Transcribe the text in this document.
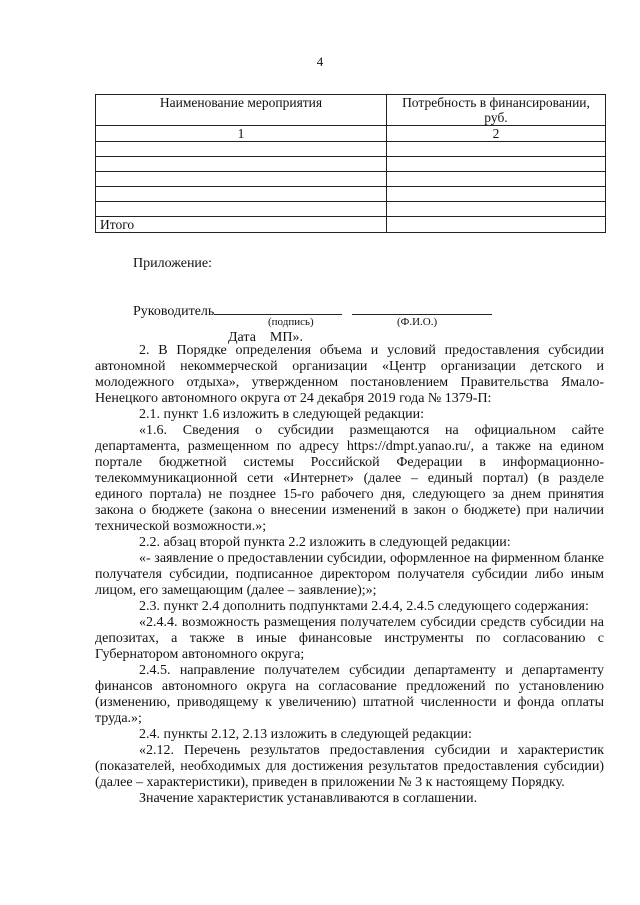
4
Наименование мероприятия	Потребность в финансировании, руб.
1	2

Итого	
Приложение:
Руководитель
(подпись)	(Ф.И.О.)
Дата МП».

2. В Порядке определения объема и условий предоставления субсидии автономной некоммерческой организации «Центр организации детского и молодежного отдыха», утвержденном постановлением Правительства Ямало-Ненецкого автономного округа от 24 декабря 2019 года № 1379-П:

2.1. пункт 1.6 изложить в следующей редакции:

«1.6. Сведения о субсидии размещаются на официальном сайте департамента, размещенном по адресу https://dmpt.yanao.ru/, а также на едином портале бюджетной системы Российской Федерации в информационно-телекоммуникационной сети «Интернет» (далее – единый портал) (в разделе единого портала) не позднее 15-го рабочего дня, следующего за днем принятия закона о бюджете (закона о внесении изменений в закон о бюджете) при наличии технической возможности.»;

2.2. абзац второй пункта 2.2 изложить в следующей редакции:

«- заявление о предоставлении субсидии, оформленное на фирменном бланке получателя субсидии, подписанное директором получателя субсидии либо иным лицом, его замещающим (далее – заявление);»;

2.3. пункт 2.4 дополнить подпунктами 2.4.4, 2.4.5 следующего содержания:

«2.4.4. возможность размещения получателем субсидии средств субсидии на депозитах, а также в иные финансовые инструменты по согласованию с Губернатором автономного округа;

2.4.5. направление получателем субсидии департаменту и департаменту финансов автономного округа на согласование предложений по установлению (изменению, приводящему к увеличению) штатной численности и фонда оплаты труда.»;

2.4. пункты 2.12, 2.13 изложить в следующей редакции:

«2.12. Перечень результатов предоставления субсидии и характеристик (показателей, необходимых для достижения результатов предоставления субсидии) (далее – характеристики), приведен в приложении № 3 к настоящему Порядку.

Значение характеристик устанавливаются в соглашении.
